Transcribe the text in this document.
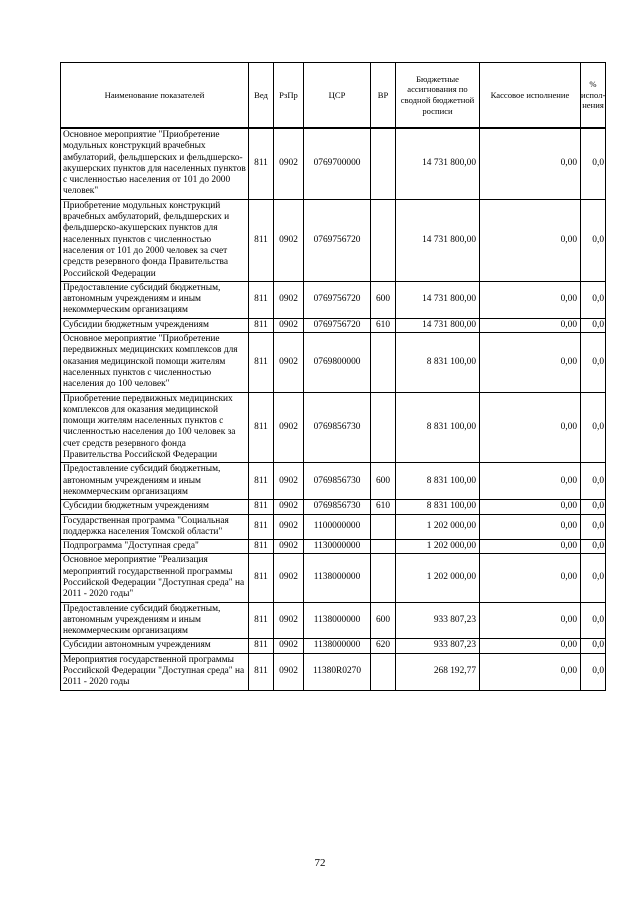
Наименование показателей	Вед	РзПр	ЦСР	ВР	Бюджетные ассигнования по сводной бюджетной росписи	Кассовое исполнение	% испол- нения
Основное мероприятие "Приобретение модульных конструкций врачебных амбулаторий, фельдшерских и фельдшерско-акушерских пунктов для населенных пунктов с численностью населения от 101 до 2000 человек"	811	0902	0769700000		14 731 800,00	0,00	0,0
Приобретение модульных конструкций врачебных амбулаторий, фельдшерских и фельдшерско-акушерских пунктов для населенных пунктов с численностью населения от 101 до 2000 человек за счет средств резервного фонда Правительства Российской Федерации	811	0902	0769756720		14 731 800,00	0,00	0,0
Предоставление субсидий бюджетным, автономным учреждениям и иным некоммерческим организациям	811	0902	0769756720	600	14 731 800,00	0,00	0,0
Субсидии бюджетным учреждениям	811	0902	0769756720	610	14 731 800,00	0,00	0,0
Основное мероприятие "Приобретение передвижных медицинских комплексов для оказания медицинской помощи жителям населенных пунктов с численностью населения до 100 человек"	811	0902	0769800000		8 831 100,00	0,00	0,0
Приобретение передвижных медицинских комплексов для оказания медицинской помощи жителям населенных пунктов с численностью населения до 100 человек за счет средств резервного фонда Правительства Российской Федерации	811	0902	0769856730		8 831 100,00	0,00	0,0
Предоставление субсидий бюджетным, автономным учреждениям и иным некоммерческим организациям	811	0902	0769856730	600	8 831 100,00	0,00	0,0
Субсидии бюджетным учреждениям	811	0902	0769856730	610	8 831 100,00	0,00	0,0
Государственная программа "Социальная поддержка населения Томской области"	811	0902	1100000000		1 202 000,00	0,00	0,0
Подпрограмма "Доступная среда"	811	0902	1130000000		1 202 000,00	0,00	0,0
Основное мероприятие "Реализация мероприятий государственной программы Российской Федерации "Доступная среда" на 2011 - 2020 годы"	811	0902	1138000000		1 202 000,00	0,00	0,0
Предоставление субсидий бюджетным, автономным учреждениям и иным некоммерческим организациям	811	0902	1138000000	600	933 807,23	0,00	0,0
Субсидии автономным учреждениям	811	0902	1138000000	620	933 807,23	0,00	0,0
Мероприятия государственной программы Российской Федерации "Доступная среда" на 2011 - 2020 годы	811	0902	11380R0270		268 192,77	0,00	0,0
72
